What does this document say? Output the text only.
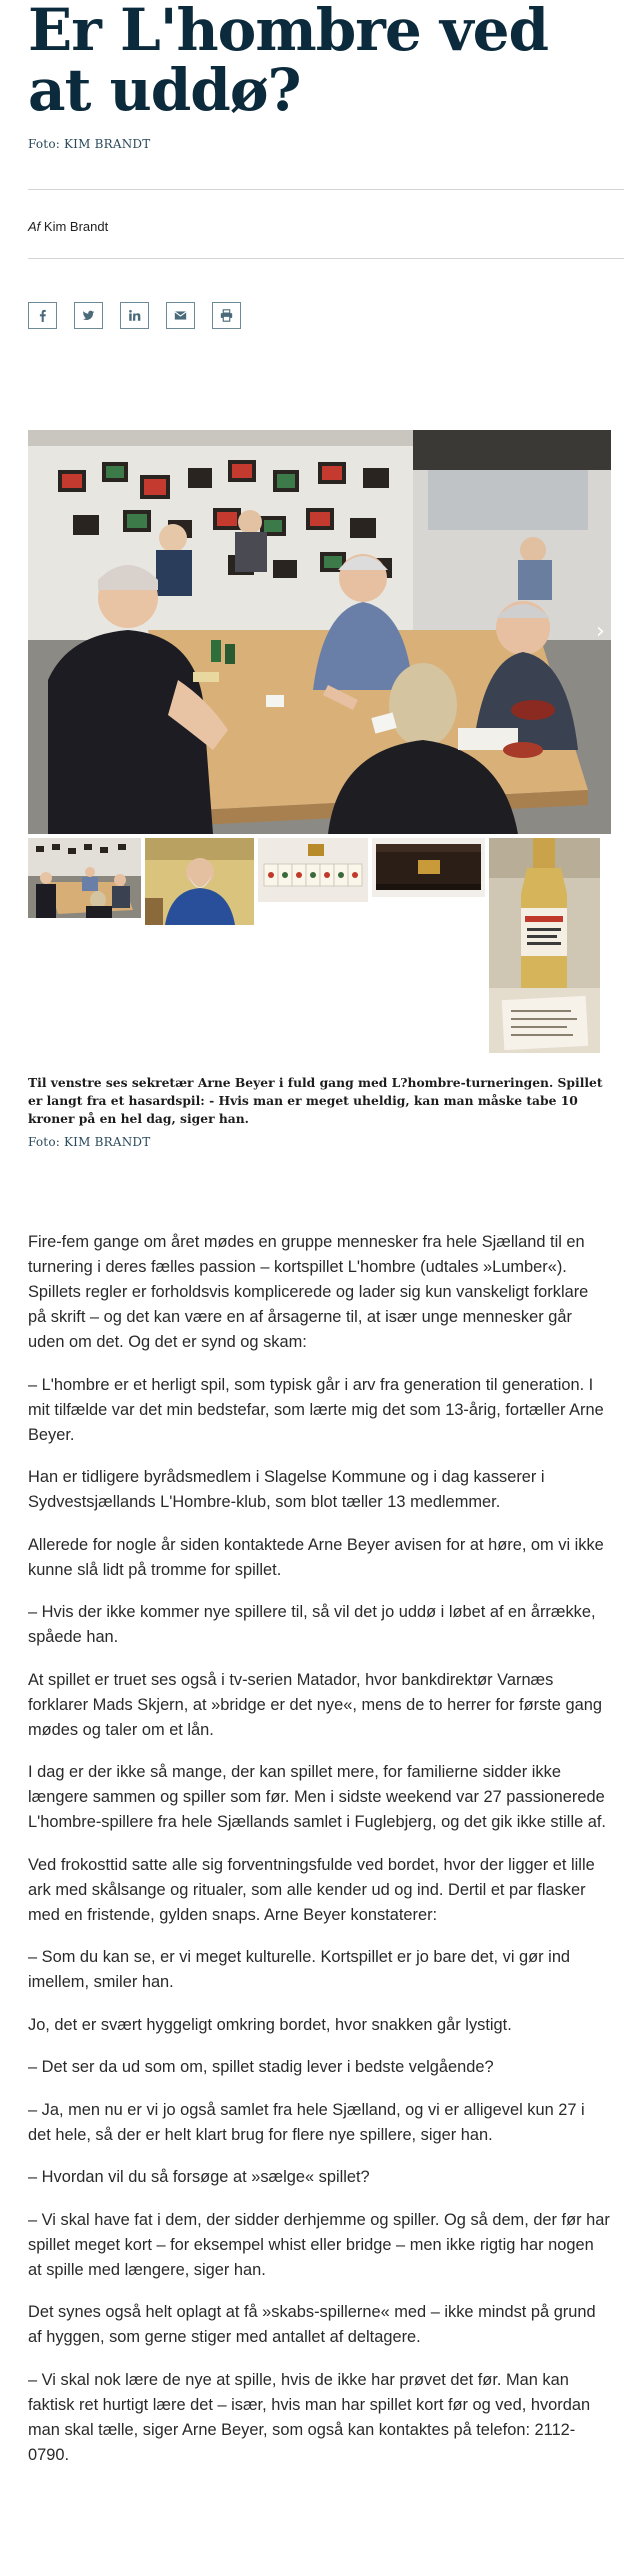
Er L'hombre ved at uddø?
Foto: KIM BRANDT
Af Kim Brandt
›

Til venstre ses sekretær Arne Beyer i fuld gang med L?hombre-turneringen. Spillet er langt fra et hasardspil: - Hvis man er meget uheldig, kan man måske tabe 10 kroner på en hel dag, siger han.

Foto: KIM BRANDT

Fire-fem gange om året mødes en gruppe mennesker fra hele Sjælland til en turnering i deres fælles passion – kortspillet L'hombre (udtales »Lumber«). Spillets regler er forholdsvis komplicerede og lader sig kun vanskeligt forklare på skrift – og det kan være en af årsagerne til, at især unge mennesker går uden om det. Og det er synd og skam:

– L'hombre er et herligt spil, som typisk går i arv fra generation til generation. I mit tilfælde var det min bedstefar, som lærte mig det som 13-årig, fortæller Arne Beyer.

Han er tidligere byrådsmedlem i Slagelse Kommune og i dag kasserer i Sydvestsjællands L'Hombre-klub, som blot tæller 13 medlemmer.

Allerede for nogle år siden kontaktede Arne Beyer avisen for at høre, om vi ikke kunne slå lidt på tromme for spillet.

– Hvis der ikke kommer nye spillere til, så vil det jo uddø i løbet af en årrække, spåede han.

At spillet er truet ses også i tv-serien Matador, hvor bankdirektør Varnæs forklarer Mads Skjern, at »bridge er det nye«, mens de to herrer for første gang mødes og taler om et lån.

I dag er der ikke så mange, der kan spillet mere, for familierne sidder ikke længere sammen og spiller som før. Men i sidste weekend var 27 passionerede L'hombre-spillere fra hele Sjællands samlet i Fuglebjerg, og det gik ikke stille af.

Ved frokosttid satte alle sig forventningsfulde ved bordet, hvor der ligger et lille ark med skålsange og ritualer, som alle kender ud og ind. Dertil et par flasker med en fristende, gylden snaps. Arne Beyer konstaterer:

– Som du kan se, er vi meget kulturelle. Kortspillet er jo bare det, vi gør ind imellem, smiler han.

Jo, det er svært hyggeligt omkring bordet, hvor snakken går lystigt.

– Det ser da ud som om, spillet stadig lever i bedste velgående?

– Ja, men nu er vi jo også samlet fra hele Sjælland, og vi er alligevel kun 27 i det hele, så der er helt klart brug for flere nye spillere, siger han.

– Hvordan vil du så forsøge at »sælge« spillet?

– Vi skal have fat i dem, der sidder derhjemme og spiller. Og så dem, der før har spillet meget kort – for eksempel whist eller bridge – men ikke rigtig har nogen at spille med længere, siger han.

Det synes også helt oplagt at få »skabs-spillerne« med – ikke mindst på grund af hyggen, som gerne stiger med antallet af deltagere.

– Vi skal nok lære de nye at spille, hvis de ikke har prøvet det før. Man kan faktisk ret hurtigt lære det – især, hvis man har spillet kort før og ved, hvordan man skal tælle, siger Arne Beyer, som også kan kontaktes på telefon: 2112-0790.
